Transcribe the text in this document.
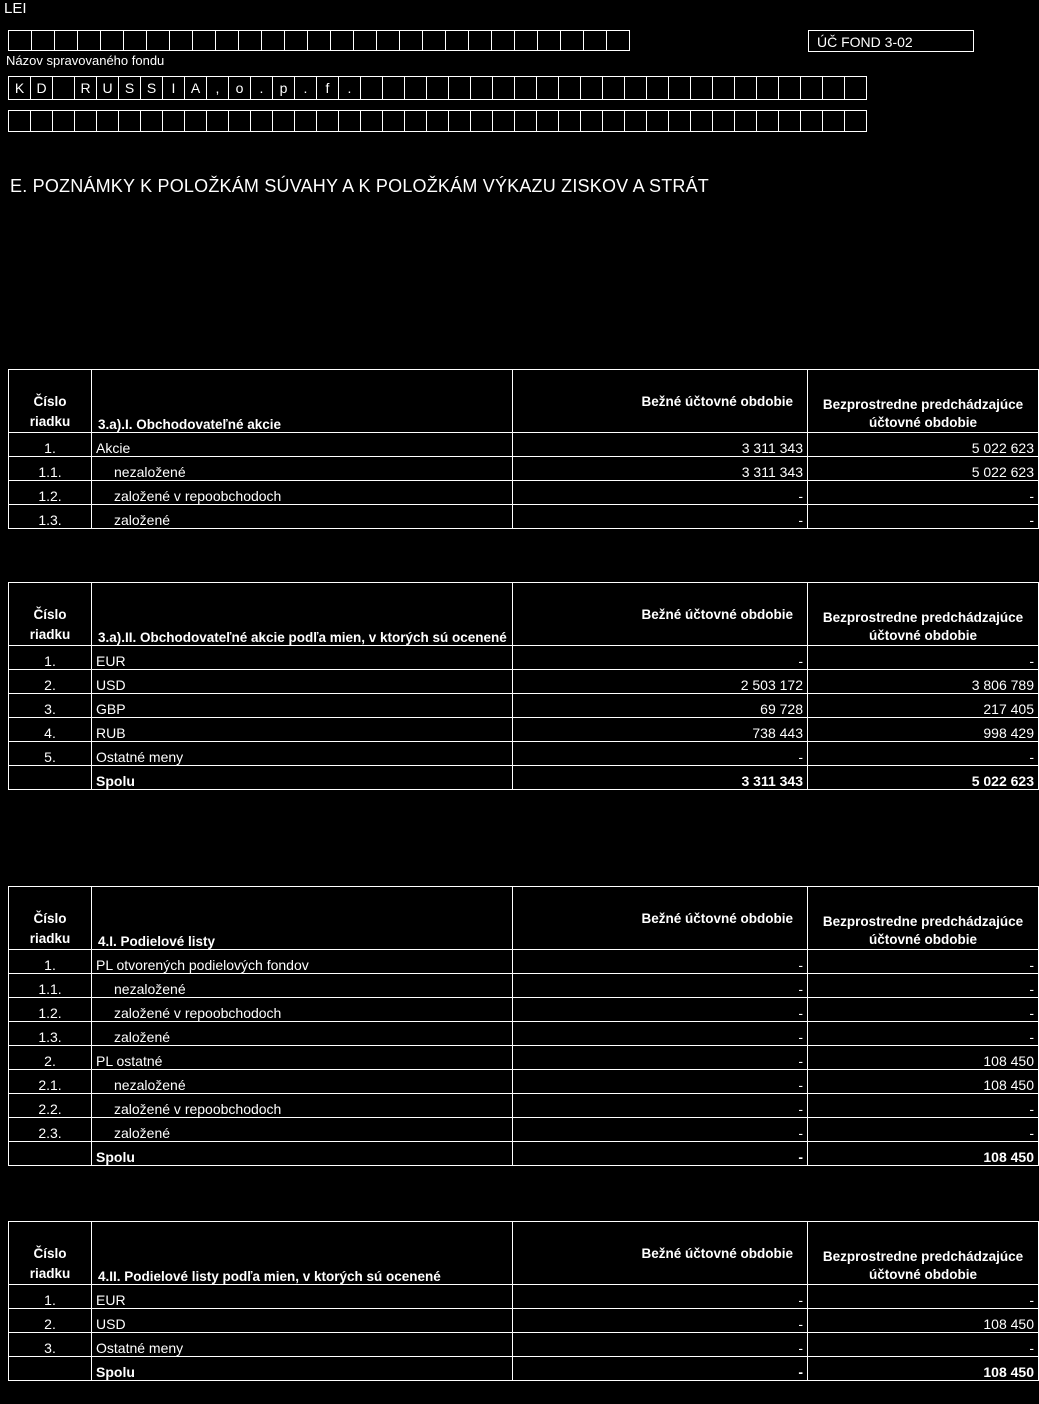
LEI
ÚČ FOND 3-02
Názov spravovaného fondu
K D	R U S S	I	A	,	o	.	p	.	f	.
E. POZNÁMKY K POLOŽKÁM SÚVAHY A K POLOŽKÁM VÝKAZU ZISKOV A STRÁT
Číslo riadku	3.a).I. Obchodovateľné akcie	Bežné účtovné obdobie	Bezprostredne predchádzajúce účtovné obdobie
1.	Akcie	3 311 343	5 022 623
1.1.	nezaložené	3 311 343	5 022 623
1.2.	založené v repoobchodoch	-	-
1.3.	založené	-	-
Číslo riadku	3.a).II. Obchodovateľné akcie podľa mien, v ktorých sú ocenené	Bežné účtovné obdobie	Bezprostredne predchádzajúce účtovné obdobie
1.	EUR	-	-
2.	USD	2 503 172	3 806 789
3.	GBP	69 728	217 405
4.	RUB	738 443	998 429
5.	Ostatné meny	-	-
	Spolu	3 311 343	5 022 623
Číslo riadku	4.I. Podielové listy	Bežné účtovné obdobie	Bezprostredne predchádzajúce účtovné obdobie
1.	PL otvorených podielových fondov	-	-
1.1.	nezaložené	-	-
1.2.	založené v repoobchodoch	-	-
1.3.	založené	-	-
2.	PL ostatné	-	108 450
2.1.	nezaložené	-	108 450
2.2.	založené v repoobchodoch	-	-
2.3.	založené	-	-
	Spolu	-	108 450
Číslo riadku	4.II. Podielové listy podľa mien, v ktorých sú ocenené	Bežné účtovné obdobie	Bezprostredne predchádzajúce účtovné obdobie
1.	EUR	-	-
2.	USD	-	108 450
3.	Ostatné meny	-	-
	Spolu	-	108 450
